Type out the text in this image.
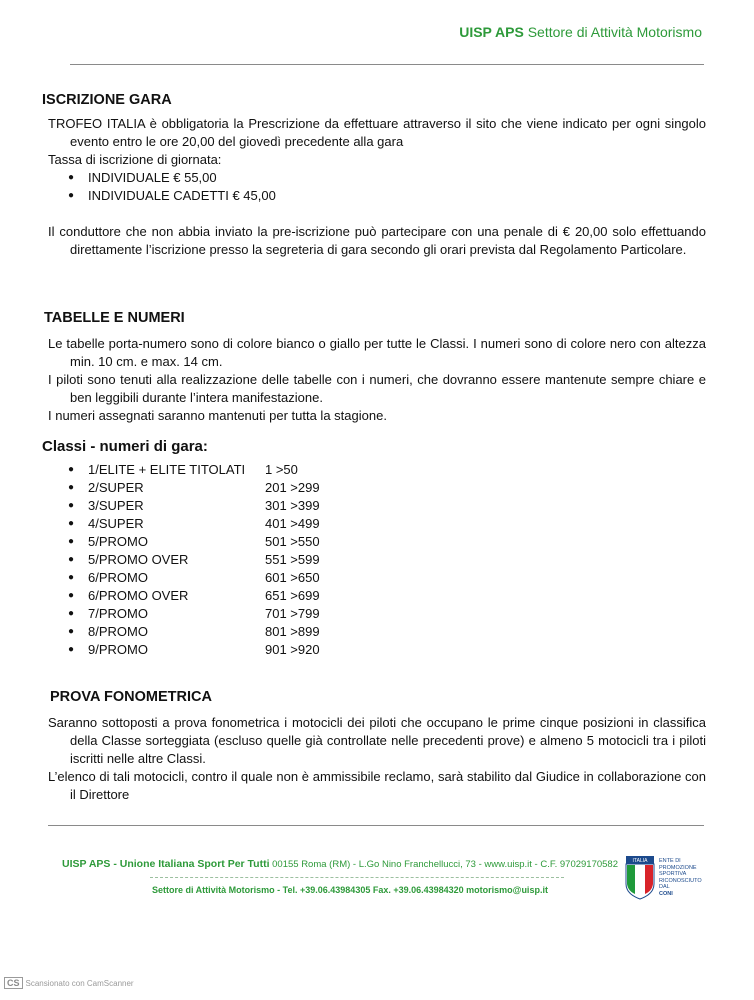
UISP APS Settore di Attività Motorismo
ISCRIZIONE GARA

TROFEO ITALIA è obbligatoria la Prescrizione da effettuare attraverso il sito che viene indicato per ogni singolo evento entro le ore 20,00 del giovedì precedente alla gara

Tassa di iscrizione di giornata:

● INDIVIDUALE € 55,00
● INDIVIDUALE CADETTI € 45,00

Il conduttore che non abbia inviato la pre-iscrizione può partecipare con una penale di € 20,00 solo effettuando direttamente l’iscrizione presso la segreteria di gara secondo gli orari prevista dal Regolamento Particolare.

TABELLE E NUMERI

Le tabelle porta-numero sono di colore bianco o giallo per tutte le Classi. I numeri sono di colore nero con altezza min. 10 cm. e max. 14 cm.

I piloti sono tenuti alla realizzazione delle tabelle con i numeri, che dovranno essere mantenute sempre chiare e ben leggibili durante l’intera manifestazione.

I numeri assegnati saranno mantenuti per tutta la stagione.

Classi - numeri di gara:
● 1/ELITE + ELITE TITOLATI 1 >50
● 2/SUPER	201 >299
● 3/SUPER	301 >399
● 4/SUPER	401 >499
● 5/PROMO	501 >550
● 5/PROMO OVER	551 >599
● 6/PROMO	601 >650
● 6/PROMO OVER	651 >699
● 7/PROMO	701 >799
● 8/PROMO	801 >899
● 9/PROMO	901 >920
PROVA FONOMETRICA

Saranno sottoposti a prova fonometrica i motocicli dei piloti che occupano le prime cinque posizioni in classifica della Classe sorteggiata (escluso quelle già controllate nelle precedenti prove) e almeno 5 motocicli tra i piloti iscritti nelle altre Classi.

L’elenco di tali motocicli, contro il quale non è ammissibile reclamo, sarà stabilito dal Giudice in collaborazione con il Direttore

UISP APS - Unione Italiana Sport Per Tutti 00155 Roma (RM) - L.Go Nino Franchellucci, 73 - www.uisp.it - C.F. 97029170582
Settore di Attività Motorismo - Tel. +39.06.43984305 Fax. +39.06.43984320 motorismo@uisp.it
ITALIA ENTE DI PROMOZIONE SPORTIVA
RICONOSCIUTO DAL
CONI
CS Scansionato con CamScanner
